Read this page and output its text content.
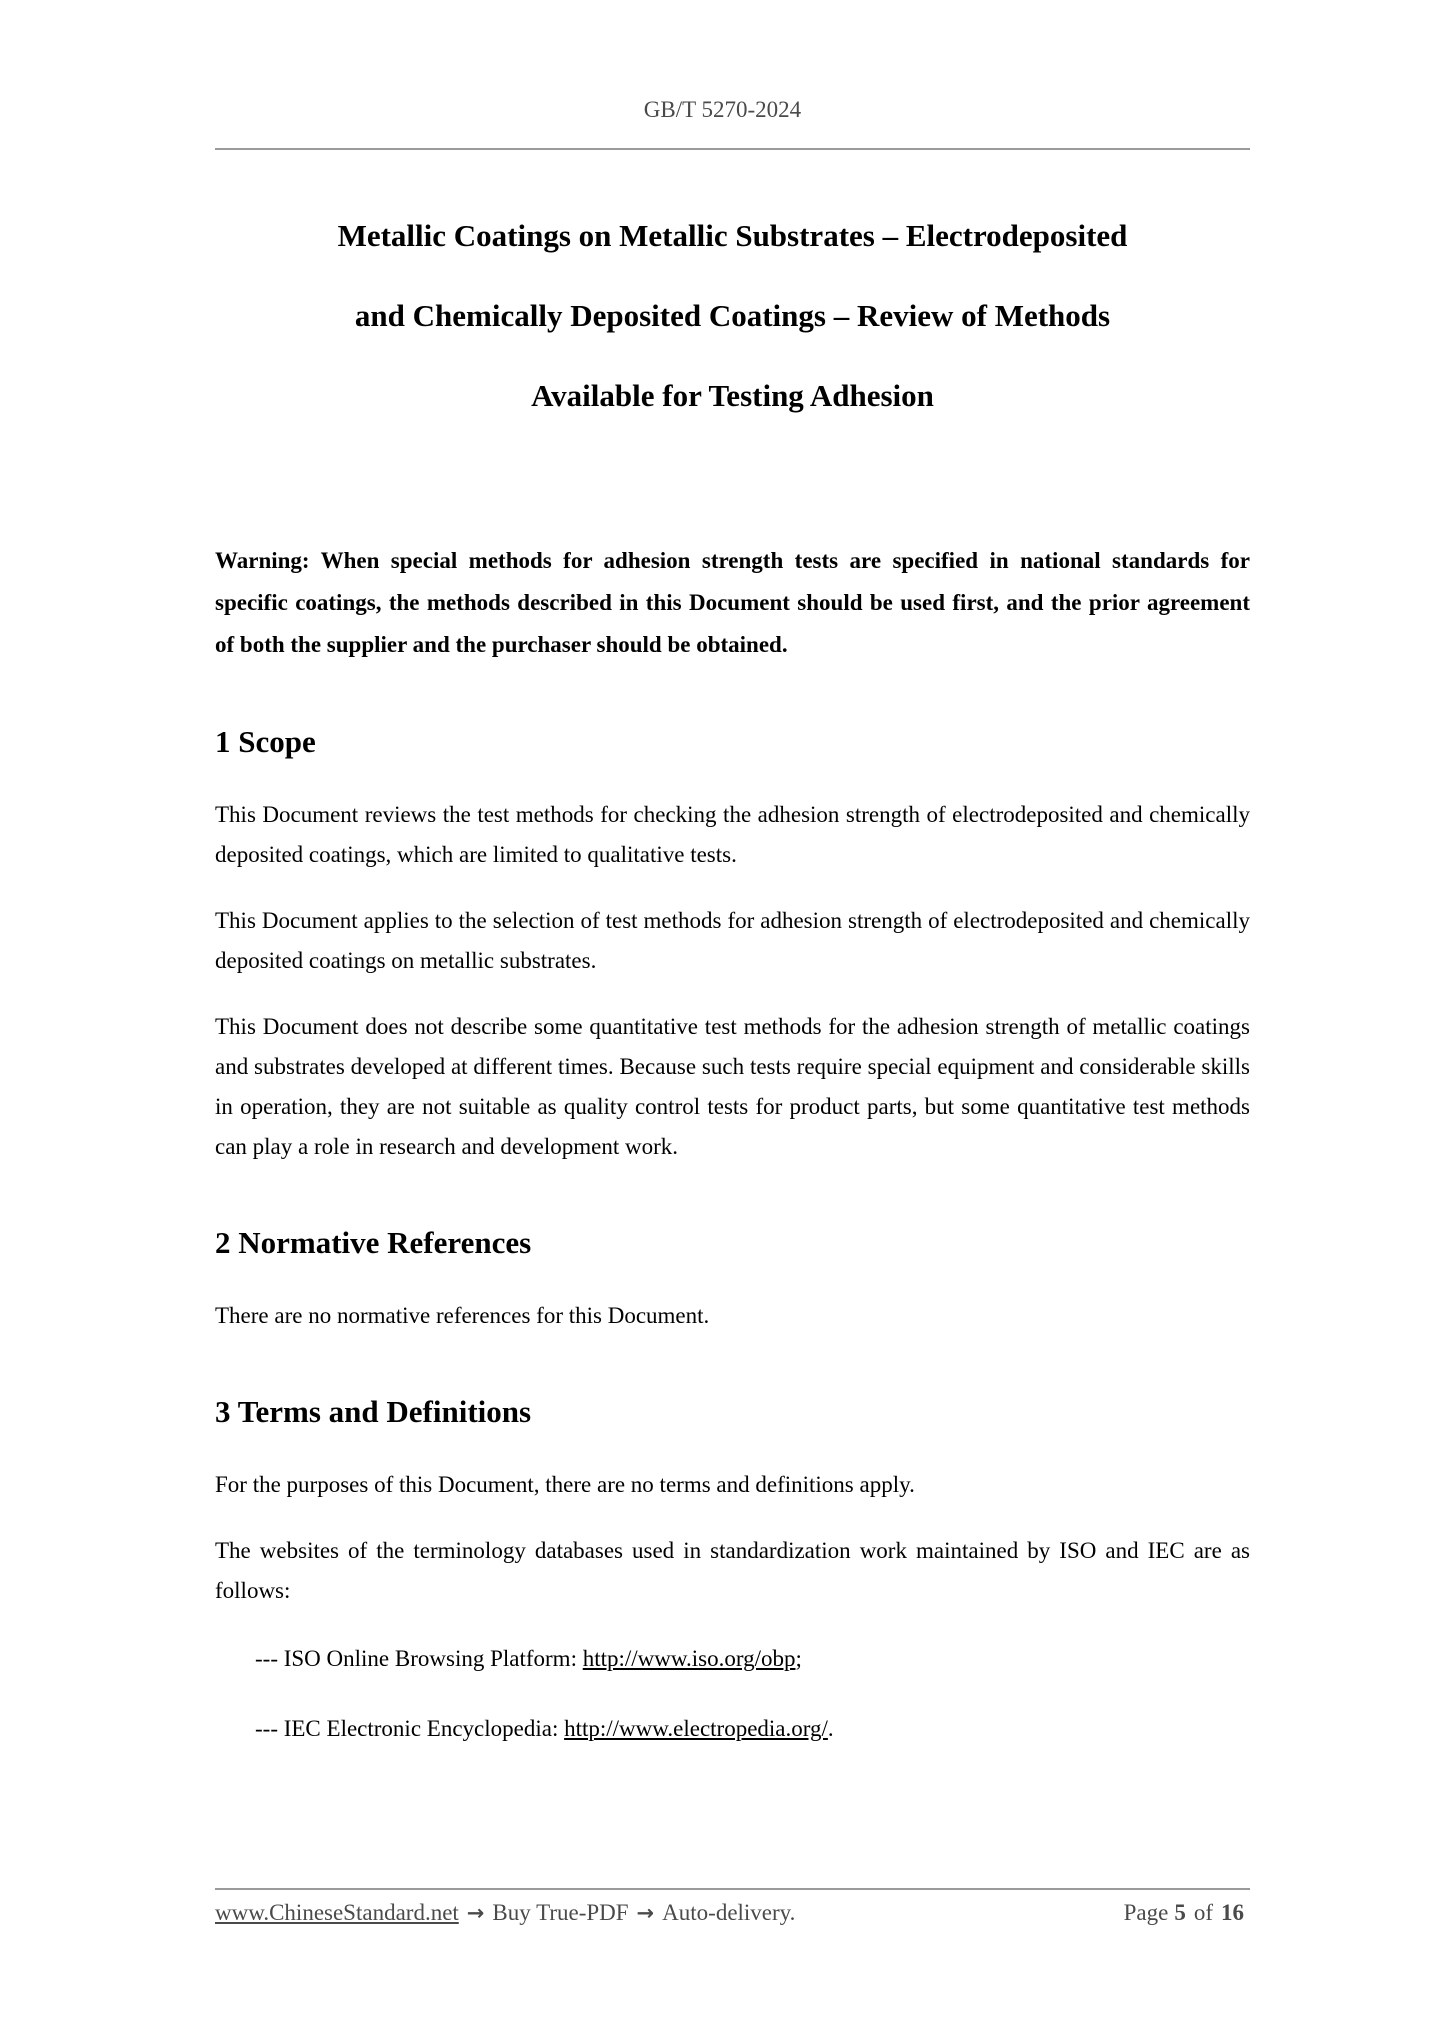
GB/T 5270-2024
Metallic Coatings on Metallic Substrates – Electrodeposited
and Chemically Deposited Coatings – Review of Methods
Available for Testing Adhesion

Warning: When special methods for adhesion strength tests are specified in national standards for specific coatings, the methods described in this Document should be used first, and the prior agreement of both the supplier and the purchaser should be obtained.

1 Scope

This Document reviews the test methods for checking the adhesion strength of electrodeposited and chemically deposited coatings, which are limited to qualitative tests.

This Document applies to the selection of test methods for adhesion strength of electrodeposited and chemically deposited coatings on metallic substrates.

This Document does not describe some quantitative test methods for the adhesion strength of metallic coatings and substrates developed at different times. Because such tests require special equipment and considerable skills in operation, they are not suitable as quality control tests for product parts, but some quantitative test methods can play a role in research and development work.

2 Normative References

There are no normative references for this Document.

3 Terms and Definitions

For the purposes of this Document, there are no terms and definitions apply.

The websites of the terminology databases used in standardization work maintained by ISO and IEC are as follows:

--- ISO Online Browsing Platform: http://www.iso.org/obp;

--- IEC Electronic Encyclopedia: http://www.electropedia.org/.

www.ChineseStandard.net → Buy True-PDF → Auto-delivery.	Page 5 of 16
